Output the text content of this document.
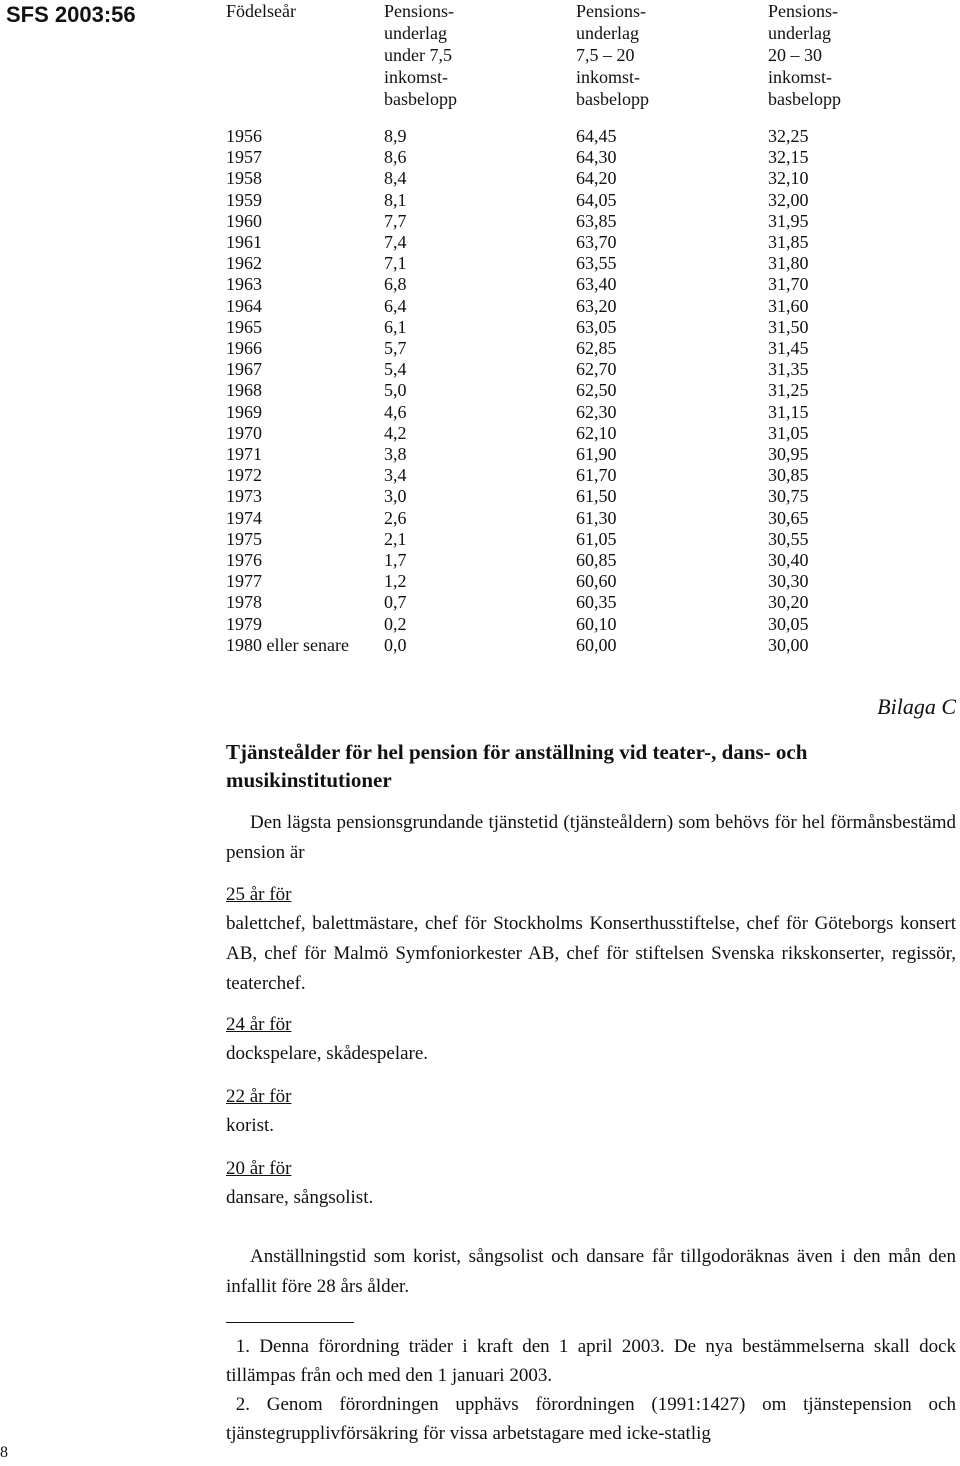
SFS 2003:56
8
Födelseår	Pensions-
underlag
under 7,5
inkomst-
basbelopp	Pensions-
underlag
7,5 – 20
inkomst-
basbelopp	Pensions-
underlag
20 – 30
inkomst-
basbelopp
1956	8,9	64,45	32,25
1957	8,6	64,30	32,15
1958	8,4	64,20	32,10
1959	8,1	64,05	32,00
1960	7,7	63,85	31,95
1961	7,4	63,70	31,85
1962	7,1	63,55	31,80
1963	6,8	63,40	31,70
1964	6,4	63,20	31,60
1965	6,1	63,05	31,50
1966	5,7	62,85	31,45
1967	5,4	62,70	31,35
1968	5,0	62,50	31,25
1969	4,6	62,30	31,15
1970	4,2	62,10	31,05
1971	3,8	61,90	30,95
1972	3,4	61,70	30,85
1973	3,0	61,50	30,75
1974	2,6	61,30	30,65
1975	2,1	61,05	30,55
1976	1,7	60,85	30,40
1977	1,2	60,60	30,30
1978	0,7	60,35	30,20
1979	0,2	60,10	30,05
1980 eller senare	0,0	60,00	30,00
Bilaga C
Tjänsteålder för hel pension för anställning vid teater-, dans- och musikinstitutioner
Den lägsta pensionsgrundande tjänstetid (tjänsteåldern) som behövs för hel förmånsbestämd pension är
25 år för
balettchef, balettmästare, chef för Stockholms Konserthusstiftelse, chef för Göteborgs konsert AB, chef för Malmö Symfoniorkester AB, chef för stiftelsen Svenska rikskonserter, regissör, teaterchef.
24 år för
dockspelare, skådespelare.
22 år för
korist.
20 år för
dansare, sångsolist.
Anställningstid som korist, sångsolist och dansare får tillgodoräknas även i den mån den infallit före 28 års ålder.
1. Denna förordning träder i kraft den 1 april 2003. De nya bestämmelserna skall dock tillämpas från och med den 1 januari 2003.
2. Genom förordningen upphävs förordningen (1991:1427) om tjänstepension och tjänstegrupplivförsäkring för vissa arbetstagare med icke-statlig
